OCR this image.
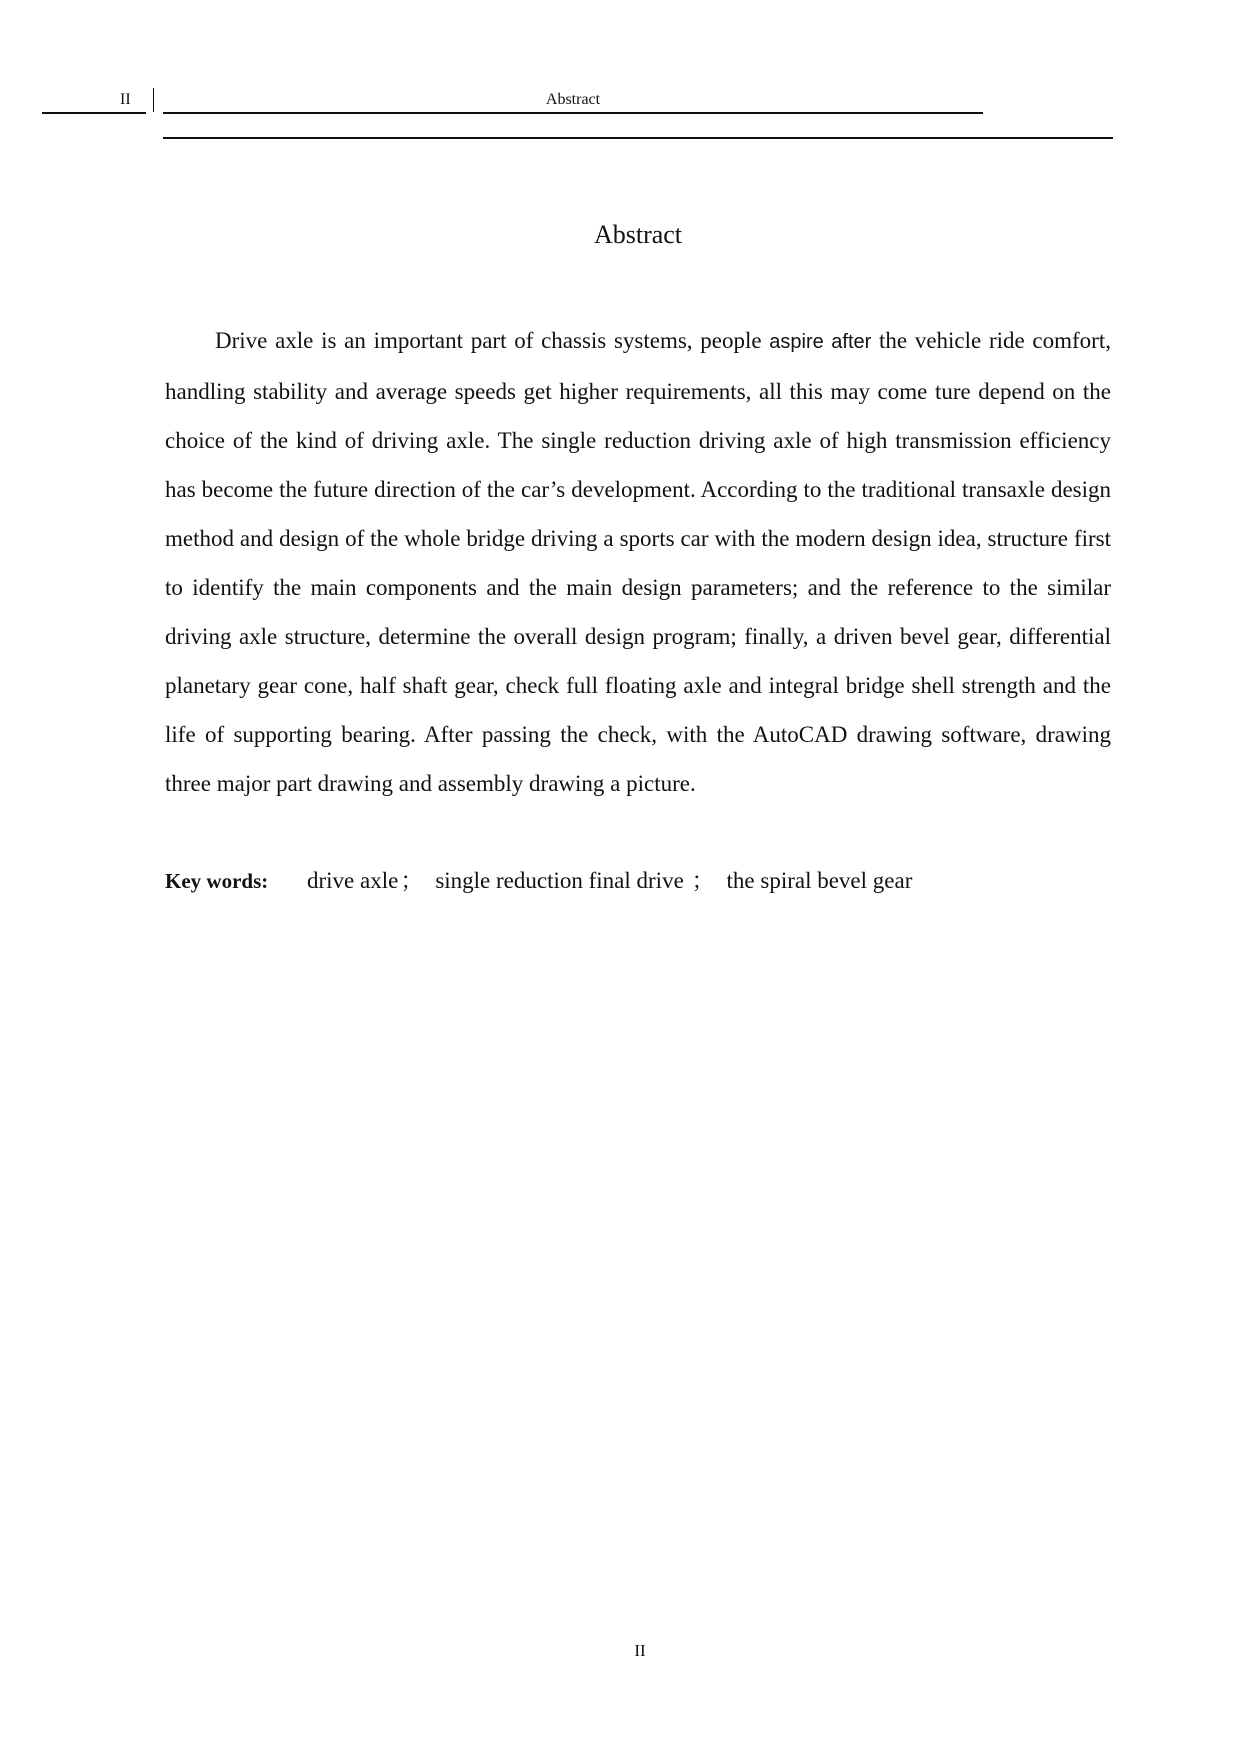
II	Abstract
Abstract

Drive axle is an important part of chassis systems, people aspire after the vehicle ride comfort, handling stability and average speeds get higher requirements, all this may come ture depend on the choice of the kind of driving axle. The single reduction driving axle of high transmission efficiency has become the future direction of the car’s development. According to the traditional transaxle design method and design of the whole bridge driving a sports car with the modern design idea, structure first to identify the main components and the main design parameters; and the reference to the similar driving axle structure, determine the overall design program; finally, a driven bevel gear, differential planetary gear cone, half shaft gear, check full floating axle and integral bridge shell strength and the life of supporting bearing. After passing the check, with the AutoCAD drawing software, drawing three major part drawing and assembly drawing a picture.

Key words: drive axle； single reduction final drive ； the spiral bevel gear
II
